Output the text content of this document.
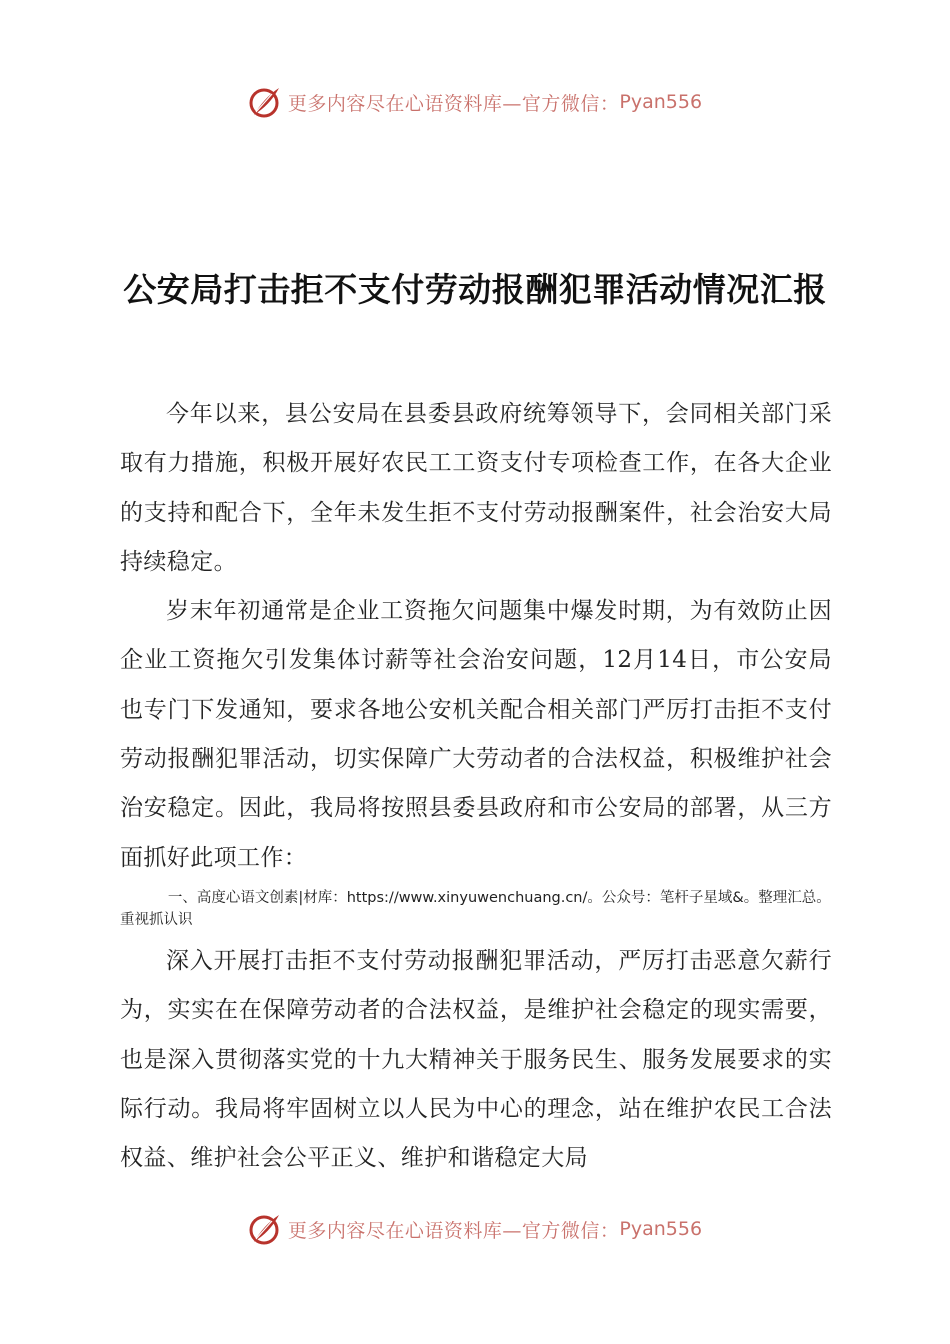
更多内容尽在心语资料库—官方微信： Pyan556
公安局打击拒不支付劳动报酬犯罪活动情况汇报

今年以来，县公安局在县委县政府统筹领导下，会同相关部门采取有力措施，积极开展好农民工工资支付专项检查工作，在各大企业的支持和配合下，全年未发生拒不支付劳动报酬案件，社会治安大局持续稳定。

岁末年初通常是企业工资拖欠问题集中爆发时期，为有效防止因企业工资拖欠引发集体讨薪等社会治安问题，12月14日，市公安局也专门下发通知，要求各地公安机关配合相关部门严厉打击拒不支付劳动报酬犯罪活动，切实保障广大劳动者的合法权益，积极维护社会治安稳定。因此，我局将按照县委县政府和市公安局的部署，从三方面抓好此项工作：

一、高度心语文创素|材库：https://www.xinyuwenchuang.cn/。公众号：笔杆子星域&。整理汇总。重视抓认识

深入开展打击拒不支付劳动报酬犯罪活动，严厉打击恶意欠薪行为，实实在在保障劳动者的合法权益，是维护社会稳定的现实需要，也是深入贯彻落实党的十九大精神关于服务民生、服务发展要求的实际行动。我局将牢固树立以人民为中心的理念，站在维护农民工合法权益、维护社会公平正义、维护和谐稳定大局

更多内容尽在心语资料库—官方微信： Pyan556
